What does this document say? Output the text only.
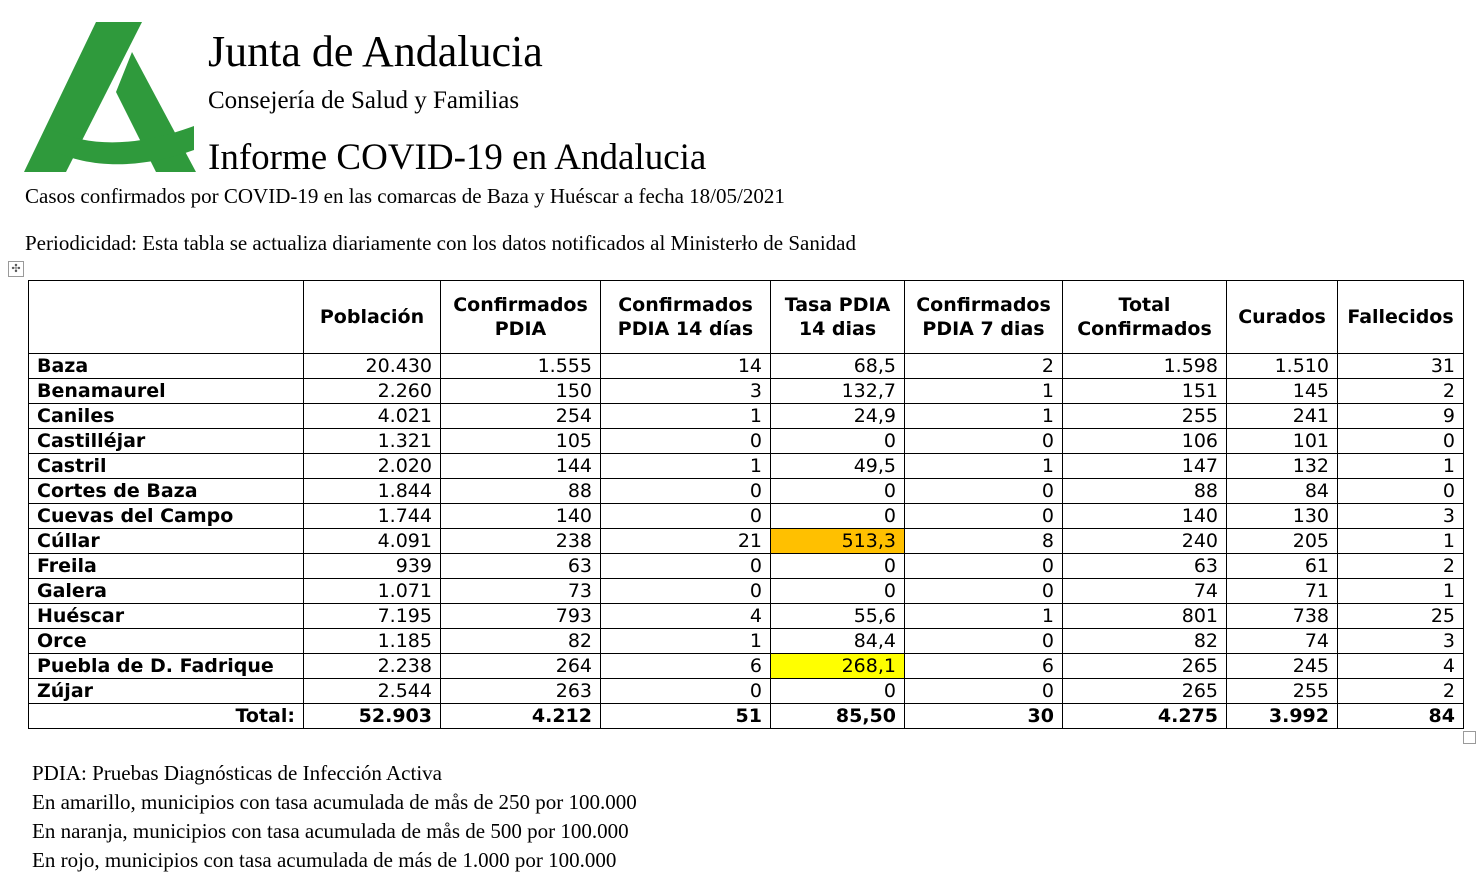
Junta de Andalucia
Consejería de Salud y Familias
Informe COVID-19 en Andalucia
Casos confirmados por COVID-19 en las comarcas de Baza y Huéscar a fecha 18/05/2021
Periodicidad: Esta tabla se actualiza diariamente con los datos notificados al Ministerło de Sanidad
✣
	Población	Confirmados PDIA	Confirmados PDIA 14 días	Tasa PDIA 14 dias	Confirmados PDIA 7 dias	Total Confirmados	Curados	Fallecidos
Baza	20.430	1.555	14	68,5	2	1.598	1.510	31
Benamaurel	2.260	150	3	132,7	1	151	145	2
Caniles	4.021	254	1	24,9	1	255	241	9
Castilléjar	1.321	105	0	0	0	106	101	0
Castril	2.020	144	1	49,5	1	147	132	1
Cortes de Baza	1.844	88	0	0	0	88	84	0
Cuevas del Campo	1.744	140	0	0	0	140	130	3
Cúllar	4.091	238	21	513,3	8	240	205	1
Freila	939	63	0	0	0	63	61	2
Galera	1.071	73	0	0	0	74	71	1
Huéscar	7.195	793	4	55,6	1	801	738	25
Orce	1.185	82	1	84,4	0	82	74	3
Puebla de D. Fadrique	2.238	264	6	268,1	6	265	245	4
Zújar	2.544	263	0	0	0	265	255	2
Total:	52.903	4.212	51	85,50	30	4.275	3.992	84
PDIA: Pruebas Diagnósticas de Infección Activa
En amarillo, municipios con tasa acumulada de mås de 250 por 100.000
En naranja, municipios con tasa acumulada de mås de 500 por 100.000
En rojo, municipios con tasa acumulada de más de 1.000 por 100.000
